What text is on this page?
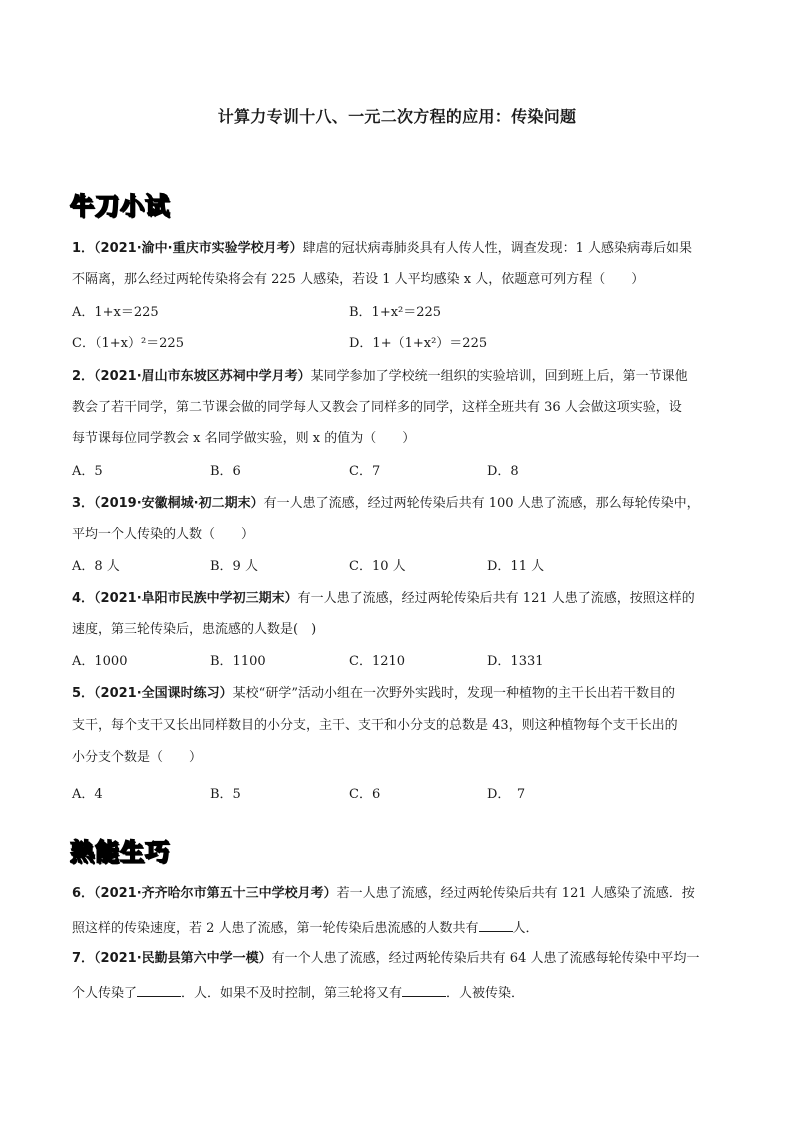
计算力专训十八、一元二次方程的应用：传染问题
牛刀小试
1．（2021·渝中·重庆市实验学校月考）肆虐的冠状病毒肺炎具有人传人性，调查发现：1 人感染病毒后如果
不隔离，那么经过两轮传染将会有 225 人感染，若设 1 人平均感染 x 人，依题意可列方程（　　）
A．1+x＝225	B．1+x²＝225
C．（1+x）²＝225	D．1+（1+x²）＝225
2．（2021·眉山市东坡区苏祠中学月考）某同学参加了学校统一组织的实验培训，回到班上后，第一节课他
教会了若干同学，第二节课会做的同学每人又教会了同样多的同学，这样全班共有 36 人会做这项实验，设
每节课每位同学教会 x 名同学做实验，则 x 的值为（　　）
A．5	B．6	C．7	D．8
3．（2019·安徽桐城·初二期末）有一人患了流感，经过两轮传染后共有 100 人患了流感，那么每轮传染中，
平均一个人传染的人数（　　）
A．8 人	B．9 人	C．10 人	D．11 人
4．（2021·阜阳市民族中学初三期末）有一人患了流感，经过两轮传染后共有 121 人患了流感，按照这样的
速度，第三轮传染后，患流感的人数是(　)
A．1000	B．1100	C．1210	D．1331
5．（2021·全国课时练习）某校“研学”活动小组在一次野外实践时，发现一种植物的主干长出若干数目的
支干，每个支干又长出同样数目的小分支，主干、支干和小分支的总数是 43，则这种植物每个支干长出的
小分支个数是（　　）
A．4	B．5	C．6	D．　7
熟能生巧
6．（2021·齐齐哈尔市第五十三中学校月考）若一人患了流感，经过两轮传染后共有 121 人感染了流感．按
照这样的传染速度，若 2 人患了流感，第一轮传染后患流感的人数共有	人．
7．（2021·民勤县第六中学一模）有一个人患了流感，经过两轮传染后共有 64 人患了流感每轮传染中平均一
个人传染了	．人．如果不及时控制，第三轮将又有	．人被传染．
